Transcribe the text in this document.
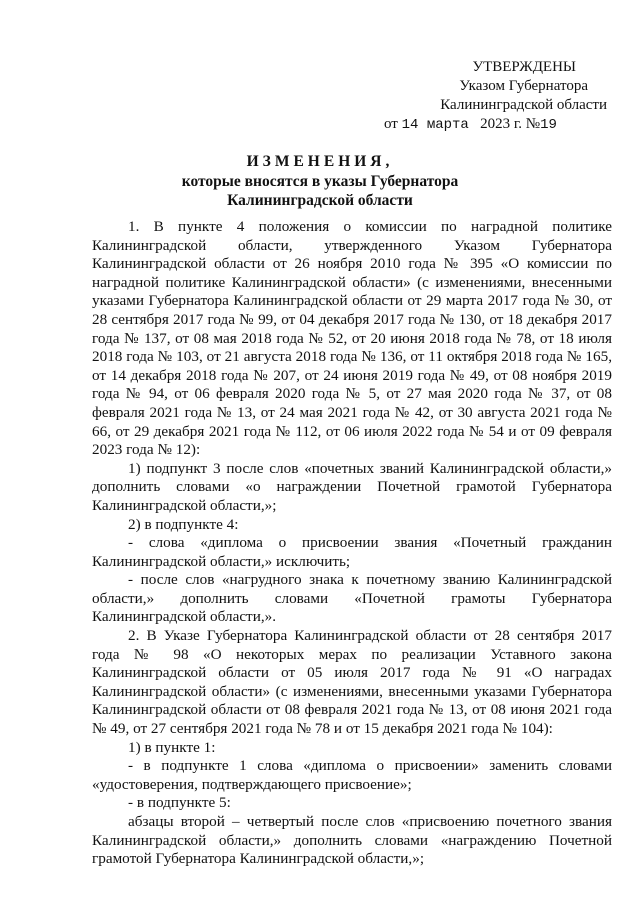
УТВЕРЖДЕНЫ
Указом Губернатора
Калининградской области
от 14 марта 2023 г. №19
ИЗМЕНЕНИЯ,
которые вносятся в указы Губернатора
Калининградской области

1. В пункте 4 положения о комиссии по наградной политике Калининградской области, утвержденного Указом Губернатора Калининградской области от 26 ноября 2010 года № 395 «О комиссии по наградной политике Калининградской области» (с изменениями, внесенными указами Губернатора Калининградской области от 29 марта 2017 года № 30, от 28 сентября 2017 года № 99, от 04 декабря 2017 года № 130, от 18 декабря 2017 года № 137, от 08 мая 2018 года № 52, от 20 июня 2018 года № 78, от 18 июля 2018 года № 103, от 21 августа 2018 года № 136, от 11 октября 2018 года № 165, от 14 декабря 2018 года № 207, от 24 июня 2019 года № 49, от 08 ноября 2019 года № 94, от 06 февраля 2020 года № 5, от 27 мая 2020 года № 37, от 08 февраля 2021 года № 13, от 24 мая 2021 года № 42, от 30 августа 2021 года № 66, от 29 декабря 2021 года № 112, от 06 июля 2022 года № 54 и от 09 февраля 2023 года № 12):

1) подпункт 3 после слов «почетных званий Калининградской области,» дополнить словами «о награждении Почетной грамотой Губернатора Калининградской области,»;

2) в подпункте 4:

- слова «диплома о присвоении звания «Почетный гражданин Калининградской области,» исключить;

- после слов «нагрудного знака к почетному званию Калининградской области,» дополнить словами «Почетной грамоты Губернатора Калининградской области,».

2. В Указе Губернатора Калининградской области от 28 сентября 2017 года № 98 «О некоторых мерах по реализации Уставного закона Калининградской области от 05 июля 2017 года № 91 «О наградах Калининградской области» (с изменениями, внесенными указами Губернатора Калининградской области от 08 февраля 2021 года № 13, от 08 июня 2021 года № 49, от 27 сентября 2021 года № 78 и от 15 декабря 2021 года № 104):

1) в пункте 1:

- в подпункте 1 слова «диплома о присвоении» заменить словами «удостоверения, подтверждающего присвоение»;

- в подпункте 5:

абзацы второй – четвертый после слов «присвоению почетного звания Калининградской области,» дополнить словами «награждению Почетной грамотой Губернатора Калининградской области,»;
